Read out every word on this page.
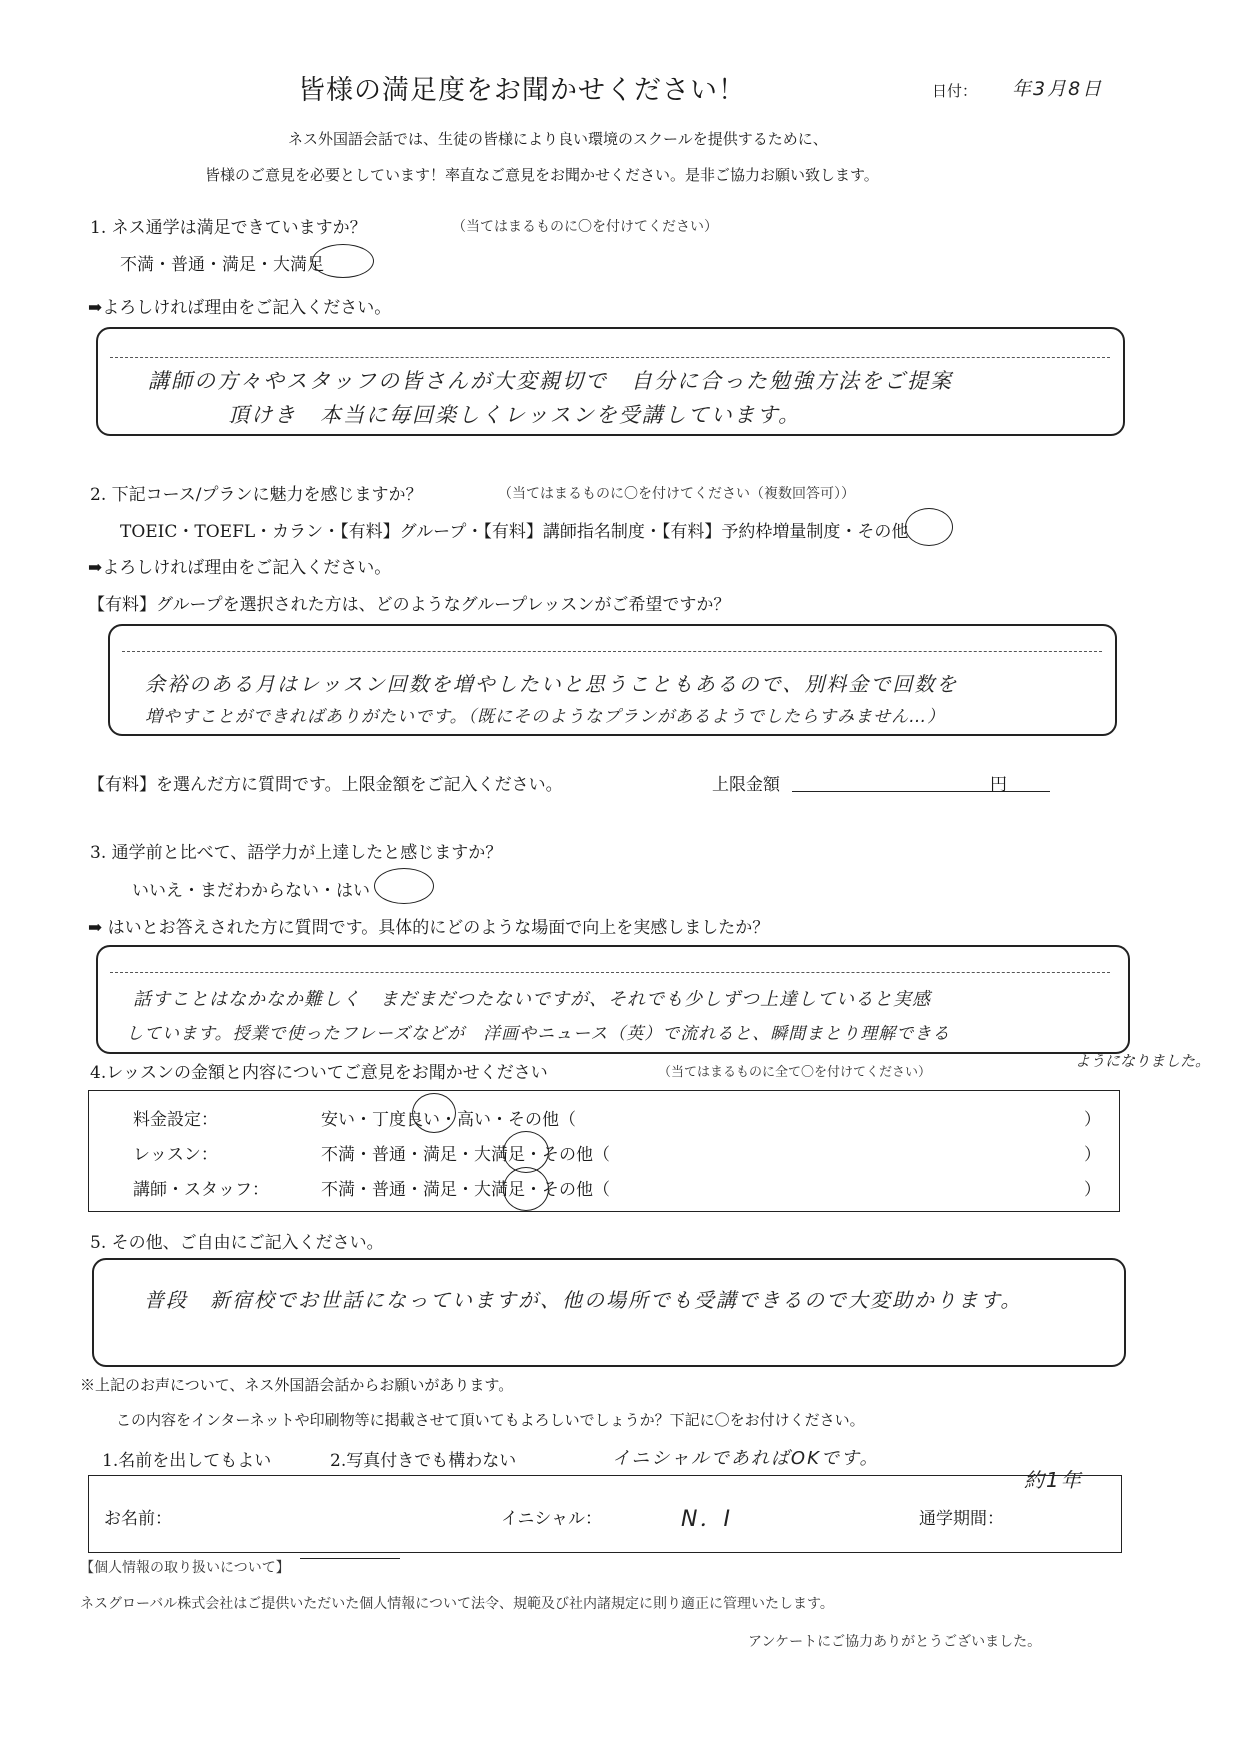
皆様の満足度をお聞かせください！	日付： 年3月8日
ネス外国語会話では、生徒の皆様により良い環境のスクールを提供するために、
皆様のご意見を必要としています！率直なご意見をお聞かせください。是非ご協力お願い致します。
1. ネス通学は満足できていますか？	（当てはまるものに〇を付けてください）
不満・普通・満足・大満足
➡よろしければ理由をご記入ください。
講師の方々やスタッフの皆さんが大変親切で　自分に合った勉強方法をご提案
頂けき　本当に毎回楽しくレッスンを受講しています。
2. 下記コース/プランに魅力を感じますか？	（当てはまるものに〇を付けてください（複数回答可））
TOEIC・TOEFL・カラン・【有料】グループ・【有料】講師指名制度・【有料】予約枠増量制度・その他
➡よろしければ理由をご記入ください。
【有料】グループを選択された方は、どのようなグループレッスンがご希望ですか？
余裕のある月はレッスン回数を増やしたいと思うこともあるので、別料金で回数を
増やすことができればありがたいです。（既にそのようなプランがあるようでしたらすみません…）
【有料】を選んだ方に質問です。上限金額をご記入ください。	上限金額	円
3. 通学前と比べて、語学力が上達したと感じますか？
いいえ・まだわからない・はい
➡ はいとお答えされた方に質問です。具体的にどのような場面で向上を実感しましたか？
話すことはなかなか難しく　まだまだつたないですが、それでも少しずつ上達していると実感
しています。授業で使ったフレーズなどが　洋画やニュース（英）で流れると、瞬間まとり理解できる
ようになりました。
4.レッスンの金額と内容についてご意見をお聞かせください	（当てはまるものに全て〇を付けてください）
料金設定：	安い・丁度良い・高い・その他（	）
レッスン：	不満・普通・満足・大満足・その他（	）
講師・スタッフ：	不満・普通・満足・大満足・その他（	）
5. その他、ご自由にご記入ください。
普段　新宿校でお世話になっていますが、他の場所でも受講できるので大変助かります。
※上記のお声について、ネス外国語会話からお願いがあります。
この内容をインターネットや印刷物等に掲載させて頂いてもよろしいでしょうか？下記に〇をお付けください。
1.名前を出してもよい	2.写真付きでも構わない	イニシャルであればOKです。
お名前：	イニシャル：	N．I	通学期間：
約1年
【個人情報の取り扱いについて】
ネスグローバル株式会社はご提供いただいた個人情報について法令、規範及び社内諸規定に則り適正に管理いたします。
アンケートにご協力ありがとうございました。
